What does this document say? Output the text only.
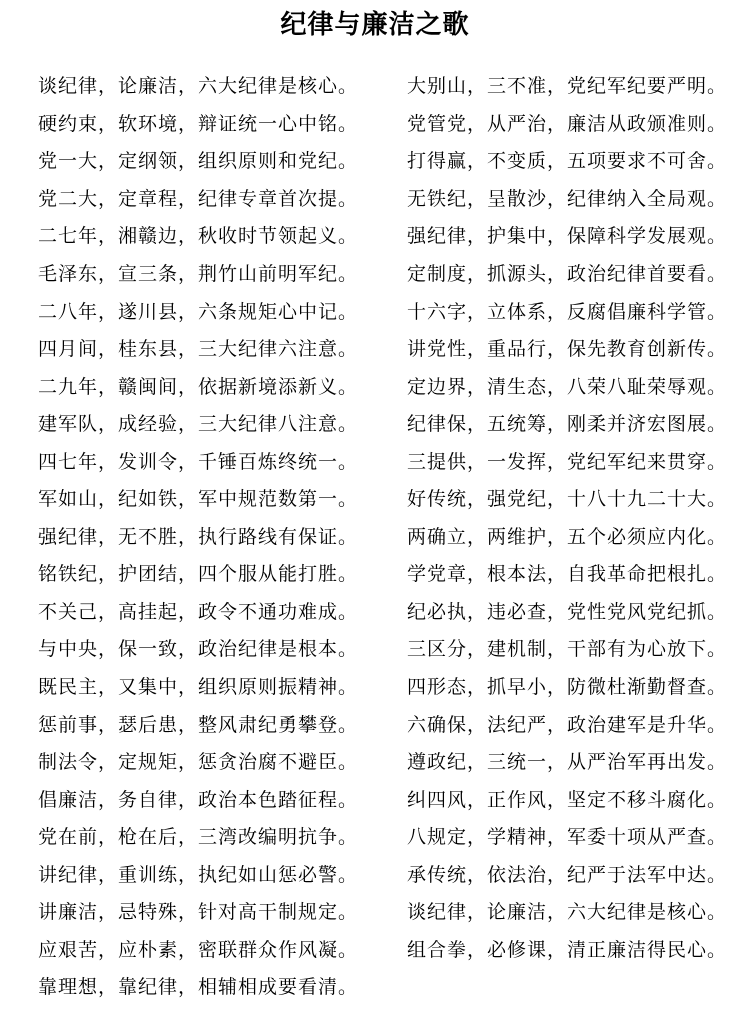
纪律与廉洁之歌
谈纪律，论廉洁，六大纪律是核心。
硬约束，软环境，辩证统一心中铭。
党一大，定纲领，组织原则和党纪。
党二大，定章程，纪律专章首次提。
二七年，湘赣边，秋收时节领起义。
毛泽东，宣三条，荆竹山前明军纪。
二八年，遂川县，六条规矩心中记。
四月间，桂东县，三大纪律六注意。
二九年，赣闽间，依据新境添新义。
建军队，成经验，三大纪律八注意。
四七年，发训令，千锤百炼终统一。
军如山，纪如铁，军中规范数第一。
强纪律，无不胜，执行路线有保证。
铭铁纪，护团结，四个服从能打胜。
不关己，高挂起，政令不通功难成。
与中央，保一致，政治纪律是根本。
既民主，又集中，组织原则振精神。
惩前事，瑟后患，整风肃纪勇攀登。
制法令，定规矩，惩贪治腐不避臣。
倡廉洁，务自律，政治本色踏征程。
党在前，枪在后，三湾改编明抗争。
讲纪律，重训练，执纪如山惩必警。
讲廉洁，忌特殊，针对高干制规定。
应艰苦，应朴素，密联群众作风凝。
靠理想，靠纪律，相辅相成要看清。
大别山，三不准，党纪军纪要严明。
党管党，从严治，廉洁从政颁准则。
打得赢，不变质，五项要求不可舍。
无铁纪，呈散沙，纪律纳入全局观。
强纪律，护集中，保障科学发展观。
定制度，抓源头，政治纪律首要看。
十六字，立体系，反腐倡廉科学管。
讲党性，重品行，保先教育创新传。
定边界，清生态，八荣八耻荣辱观。
纪律保，五统筹，刚柔并济宏图展。
三提供，一发挥，党纪军纪来贯穿。
好传统，强党纪，十八十九二十大。
两确立，两维护，五个必须应内化。
学党章，根本法，自我革命把根扎。
纪必执，违必查，党性党风党纪抓。
三区分，建机制，干部有为心放下。
四形态，抓早小，防微杜渐勤督查。
六确保，法纪严，政治建军是升华。
遵政纪，三统一，从严治军再出发。
纠四风，正作风，坚定不移斗腐化。
八规定，学精神，军委十项从严查。
承传统，依法治，纪严于法军中达。
谈纪律，论廉洁，六大纪律是核心。
组合拳，必修课，清正廉洁得民心。
